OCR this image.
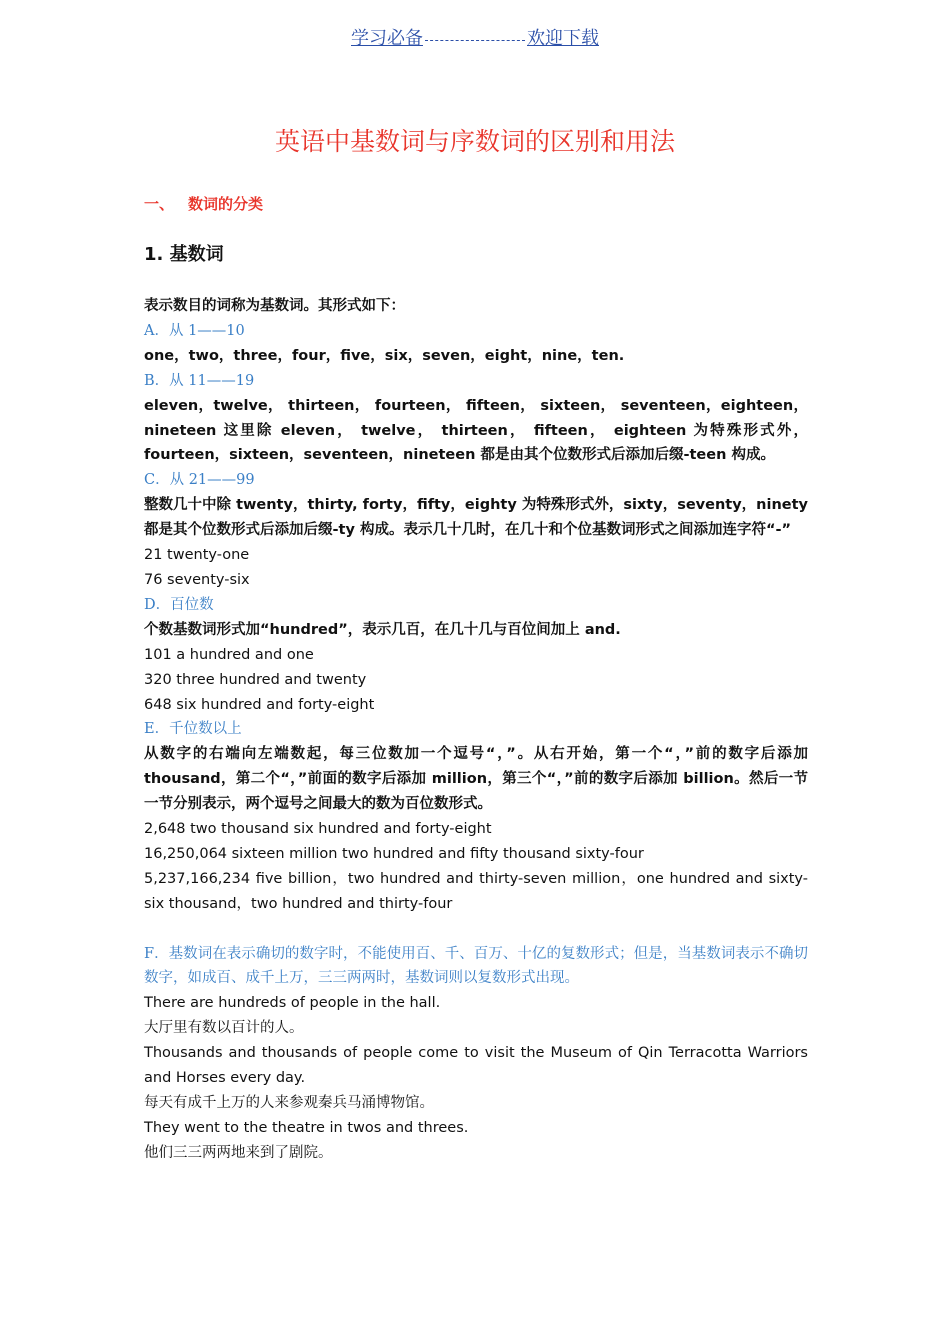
学习必备	欢迎下载
英语中基数词与序数词的区别和用法
一、 数词的分类
1. 基数词
表示数目的词称为基数词。其形式如下：
A．从 1——10
one，two，three，four，five，six，seven，eight，nine，ten.
B．从 11——19
eleven，twelve， thirteen， fourteen， fifteen， sixteen， seventeen，eighteen， nineteen 这里除 eleven， twelve， thirteen， fifteen， eighteen 为特殊形式外，fourteen，sixteen，seventeen，nineteen 都是由其个位数形式后添加后缀-teen 构成。
C．从 21——99
整数几十中除 twenty，thirty, forty，fifty，eighty 为特殊形式外，sixty，seventy，ninety 都是其个位数形式后添加后缀-ty 构成。表示几十几时，在几十和个位基数词形式之间添加连字符“-”
21 twenty-one
76 seventy-six
D．百位数
个数基数词形式加“hundred”，表示几百，在几十几与百位间加上 and.
101 a hundred and one
320 three hundred and twenty
648 six hundred and forty-eight
E．千位数以上
从数字的右端向左端数起，每三位数加一个逗号“，”。从右开始，第一个“，”前的数字后添加 thousand，第二个“，”前面的数字后添加 million，第三个“，”前的数字后添加 billion。然后一节一节分别表示，两个逗号之间最大的数为百位数形式。
2,648 two thousand six hundred and forty-eight
16,250,064 sixteen million two hundred and fifty thousand sixty-four
5,237,166,234 five billion，two hundred and thirty-seven million，one hundred and sixty-six thousand，two hundred and thirty-four
F．基数词在表示确切的数字时，不能使用百、千、百万、十亿的复数形式；但是，当基数词表示不确切数字，如成百、成千上万，三三两两时，基数词则以复数形式出现。
There are hundreds of people in the hall.
大厅里有数以百计的人。
Thousands and thousands of people come to visit the Museum of Qin Terracotta Warriors and Horses every day.
每天有成千上万的人来参观秦兵马涌博物馆。
They went to the theatre in twos and threes.
他们三三两两地来到了剧院。
